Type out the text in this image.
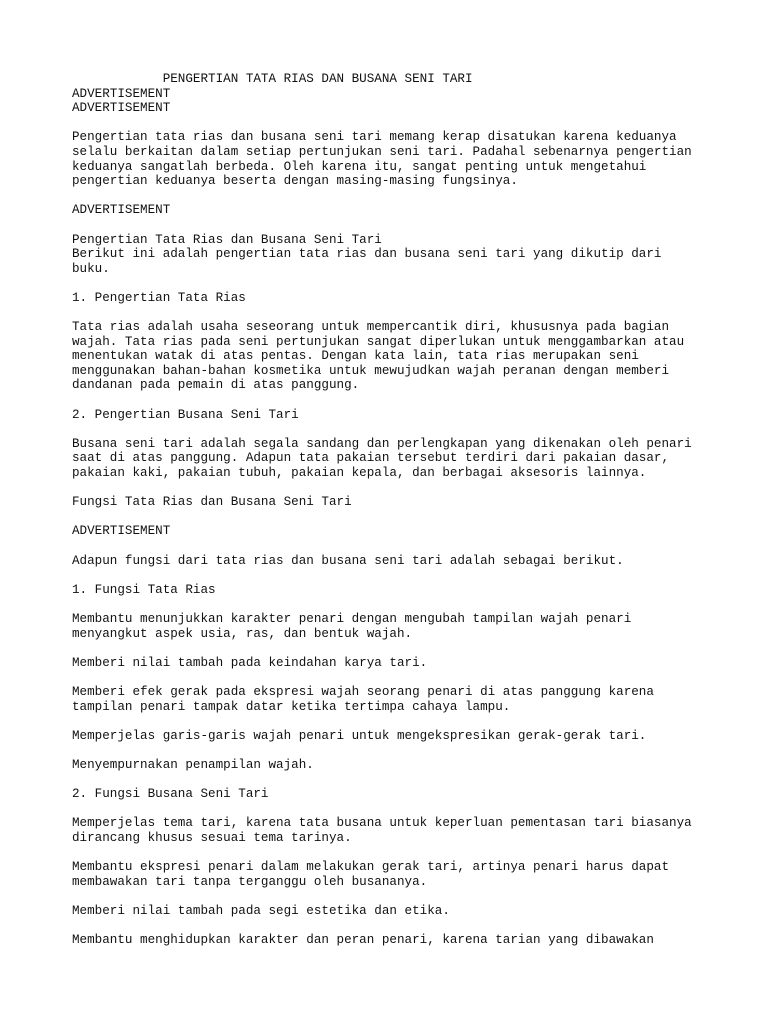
PENGERTIAN TATA RIAS DAN BUSANA SENI TARI
ADVERTISEMENT
ADVERTISEMENT
Pengertian tata rias dan busana seni tari memang kerap disatukan karena keduanya
selalu berkaitan dalam setiap pertunjukan seni tari. Padahal sebenarnya pengertian
keduanya sangatlah berbeda. Oleh karena itu, sangat penting untuk mengetahui
pengertian keduanya beserta dengan masing-masing fungsinya.
ADVERTISEMENT
Pengertian Tata Rias dan Busana Seni Tari
Berikut ini adalah pengertian tata rias dan busana seni tari yang dikutip dari
buku.
1. Pengertian Tata Rias
Tata rias adalah usaha seseorang untuk mempercantik diri, khususnya pada bagian
wajah. Tata rias pada seni pertunjukan sangat diperlukan untuk menggambarkan atau
menentukan watak di atas pentas. Dengan kata lain, tata rias merupakan seni
menggunakan bahan-bahan kosmetika untuk mewujudkan wajah peranan dengan memberi
dandanan pada pemain di atas panggung.
2. Pengertian Busana Seni Tari
Busana seni tari adalah segala sandang dan perlengkapan yang dikenakan oleh penari
saat di atas panggung. Adapun tata pakaian tersebut terdiri dari pakaian dasar,
pakaian kaki, pakaian tubuh, pakaian kepala, dan berbagai aksesoris lainnya.
Fungsi Tata Rias dan Busana Seni Tari
ADVERTISEMENT
Adapun fungsi dari tata rias dan busana seni tari adalah sebagai berikut.
1. Fungsi Tata Rias
Membantu menunjukkan karakter penari dengan mengubah tampilan wajah penari
menyangkut aspek usia, ras, dan bentuk wajah.
Memberi nilai tambah pada keindahan karya tari.
Memberi efek gerak pada ekspresi wajah seorang penari di atas panggung karena
tampilan penari tampak datar ketika tertimpa cahaya lampu.
Memperjelas garis-garis wajah penari untuk mengekspresikan gerak-gerak tari.
Menyempurnakan penampilan wajah.
2. Fungsi Busana Seni Tari
Memperjelas tema tari, karena tata busana untuk keperluan pementasan tari biasanya
dirancang khusus sesuai tema tarinya.
Membantu ekspresi penari dalam melakukan gerak tari, artinya penari harus dapat
membawakan tari tanpa terganggu oleh busananya.
Memberi nilai tambah pada segi estetika dan etika.
Membantu menghidupkan karakter dan peran penari, karena tarian yang dibawakan
